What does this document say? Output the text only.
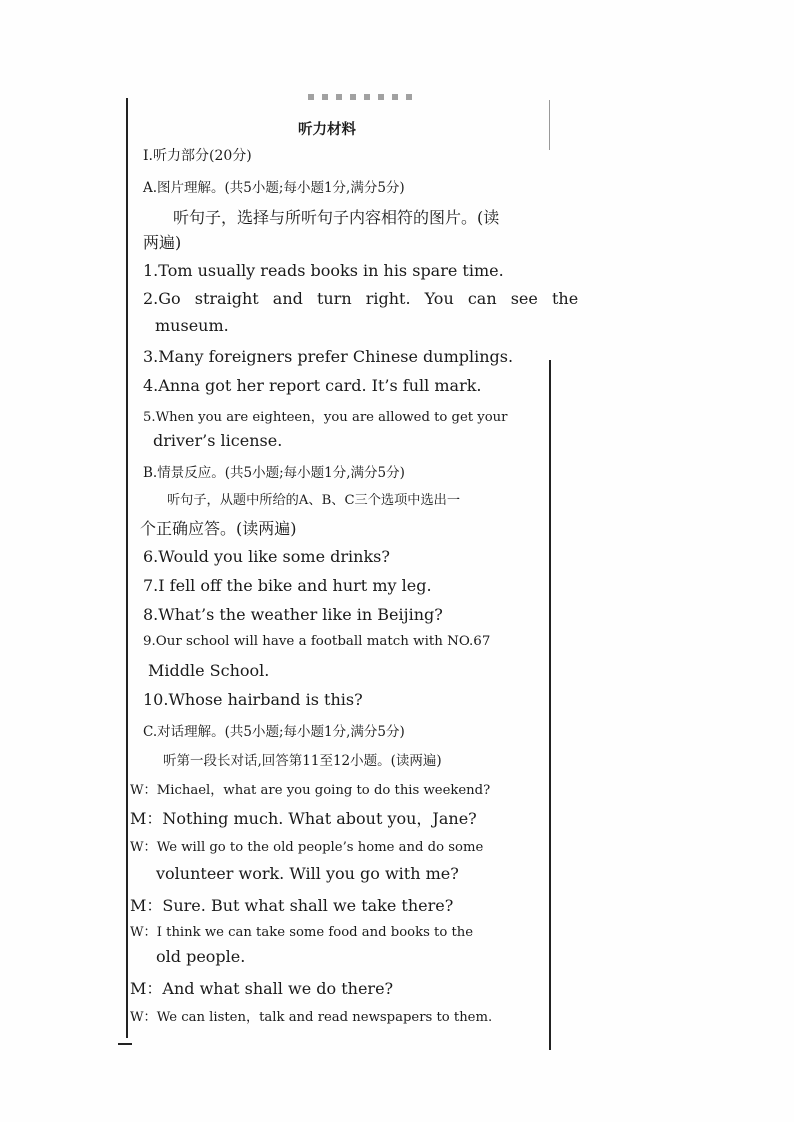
听力材料
Ⅰ.听力部分(20分)
A.图片理解。(共5小题;每小题1分,满分5分)
听句子，选择与所听句子内容相符的图片。(读
两遍)
1.Tom usually reads books in his spare time.
2.Go straight and turn right. You can see the
museum.
3.Many foreigners prefer Chinese dumplings.
4.Anna got her report card. It’s full mark.
5.When you are eighteen，you are allowed to get your
driver’s license.
B.情景反应。(共5小题;每小题1分,满分5分)
听句子，从题中所给的A、B、C三个选项中选出一
个正确应答。(读两遍)
6.Would you like some drinks?
7.I fell off the bike and hurt my leg.
8.What’s the weather like in Beijing?
9.Our school will have a football match with NO.67
Middle School.
10.Whose hairband is this?
C.对话理解。(共5小题;每小题1分,满分5分)
听第一段长对话,回答第11至12小题。(读两遍)
W：Michael，what are you going to do this weekend?
M：Nothing much. What about you，Jane?
W：We will go to the old people’s home and do some
volunteer work. Will you go with me?
M：Sure. But what shall we take there?
W：I think we can take some food and books to the
old people.
M：And what shall we do there?
W：We can listen，talk and read newspapers to them.
